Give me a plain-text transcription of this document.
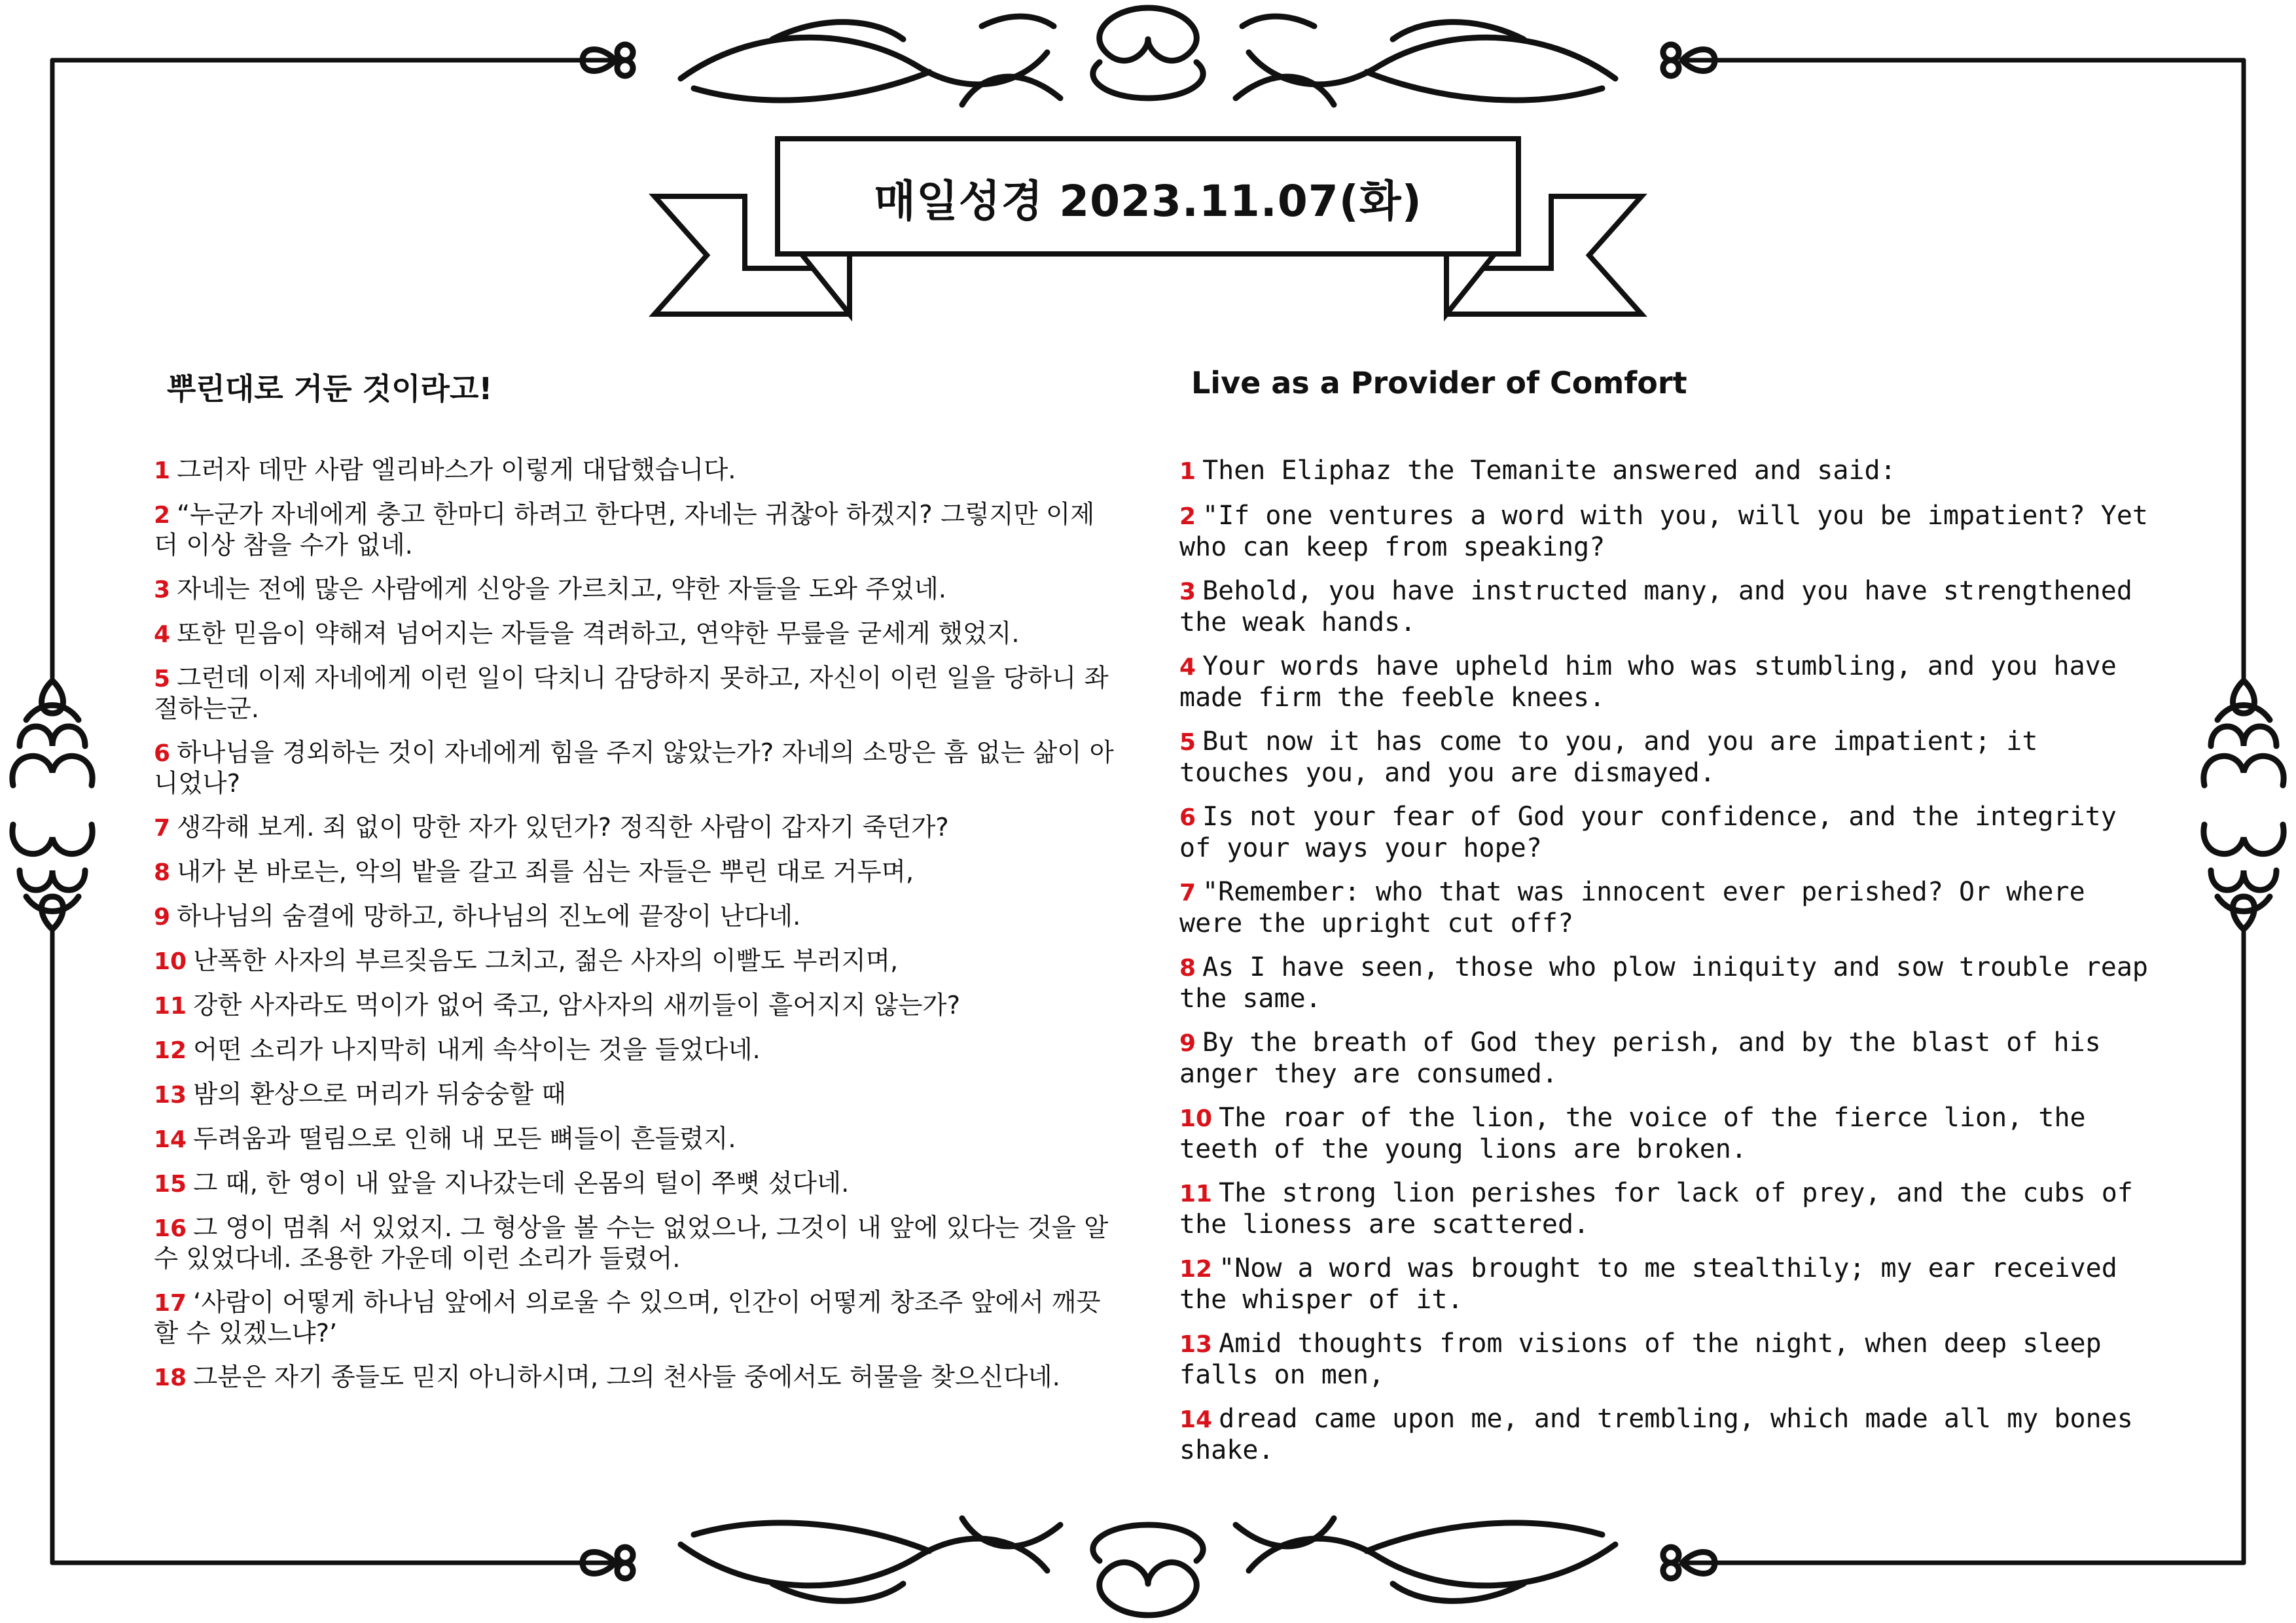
매일성경 2023.11.07(화)
뿌린대로 거둔 것이라고!	Live as a Provider of Comfort
1 그러자 데만 사람 엘리바스가 이렇게 대답했습니다.
2 “누군가 자네에게 충고 한마디 하려고 한다면, 자네는 귀찮아 하겠지? 그렇지만 이제 더 이상 참을 수가 없네.
3 자네는 전에 많은 사람에게 신앙을 가르치고, 약한 자들을 도와 주었네.
4 또한 믿음이 약해져 넘어지는 자들을 격려하고, 연약한 무릎을 굳세게 했었지.
5 그런데 이제 자네에게 이런 일이 닥치니 감당하지 못하고, 자신이 이런 일을 당하니 좌절하는군.
6 하나님을 경외하는 것이 자네에게 힘을 주지 않았는가? 자네의 소망은 흠 없는 삶이 아니었나?
7 생각해 보게. 죄 없이 망한 자가 있던가? 정직한 사람이 갑자기 죽던가?
8 내가 본 바로는, 악의 밭을 갈고 죄를 심는 자들은 뿌린 대로 거두며,
9 하나님의 숨결에 망하고, 하나님의 진노에 끝장이 난다네.
10 난폭한 사자의 부르짖음도 그치고, 젊은 사자의 이빨도 부러지며,
11 강한 사자라도 먹이가 없어 죽고, 암사자의 새끼들이 흩어지지 않는가?
12 어떤 소리가 나지막히 내게 속삭이는 것을 들었다네.
13 밤의 환상으로 머리가 뒤숭숭할 때
14 두려움과 떨림으로 인해 내 모든 뼈들이 흔들렸지.
15 그 때, 한 영이 내 앞을 지나갔는데 온몸의 털이 쭈뼛 섰다네.
16 그 영이 멈춰 서 있었지. 그 형상을 볼 수는 없었으나, 그것이 내 앞에 있다는 것을 알 수 있었다네. 조용한 가운데 이런 소리가 들렸어.
17 ‘사람이 어떻게 하나님 앞에서 의로울 수 있으며, 인간이 어떻게 창조주 앞에서 깨끗할 수 있겠느냐?’
18 그분은 자기 종들도 믿지 아니하시며, 그의 천사들 중에서도 허물을 찾으신다네.
1 Then Eliphaz the Temanite answered and said:
2 "If one ventures a word with you, will you be impatient? Yet who can keep from speaking?
3 Behold, you have instructed many, and you have strengthened the weak hands.
4 Your words have upheld him who was stumbling, and you have made firm the feeble knees.
5 But now it has come to you, and you are impatient; it touches you, and you are dismayed.
6 Is not your fear of God your confidence, and the integrity of your ways your hope?
7 "Remember: who that was innocent ever perished? Or where were the upright cut off?
8 As I have seen, those who plow iniquity and sow trouble reap the same.
9 By the breath of God they perish, and by the blast of his anger they are consumed.
10 The roar of the lion, the voice of the fierce lion, the teeth of the young lions are broken.
11 The strong lion perishes for lack of prey, and the cubs of the lioness are scattered.
12 "Now a word was brought to me stealthily; my ear received the whisper of it.
13 Amid thoughts from visions of the night, when deep sleep falls on men,
14 dread came upon me, and trembling, which made all my bones shake.
